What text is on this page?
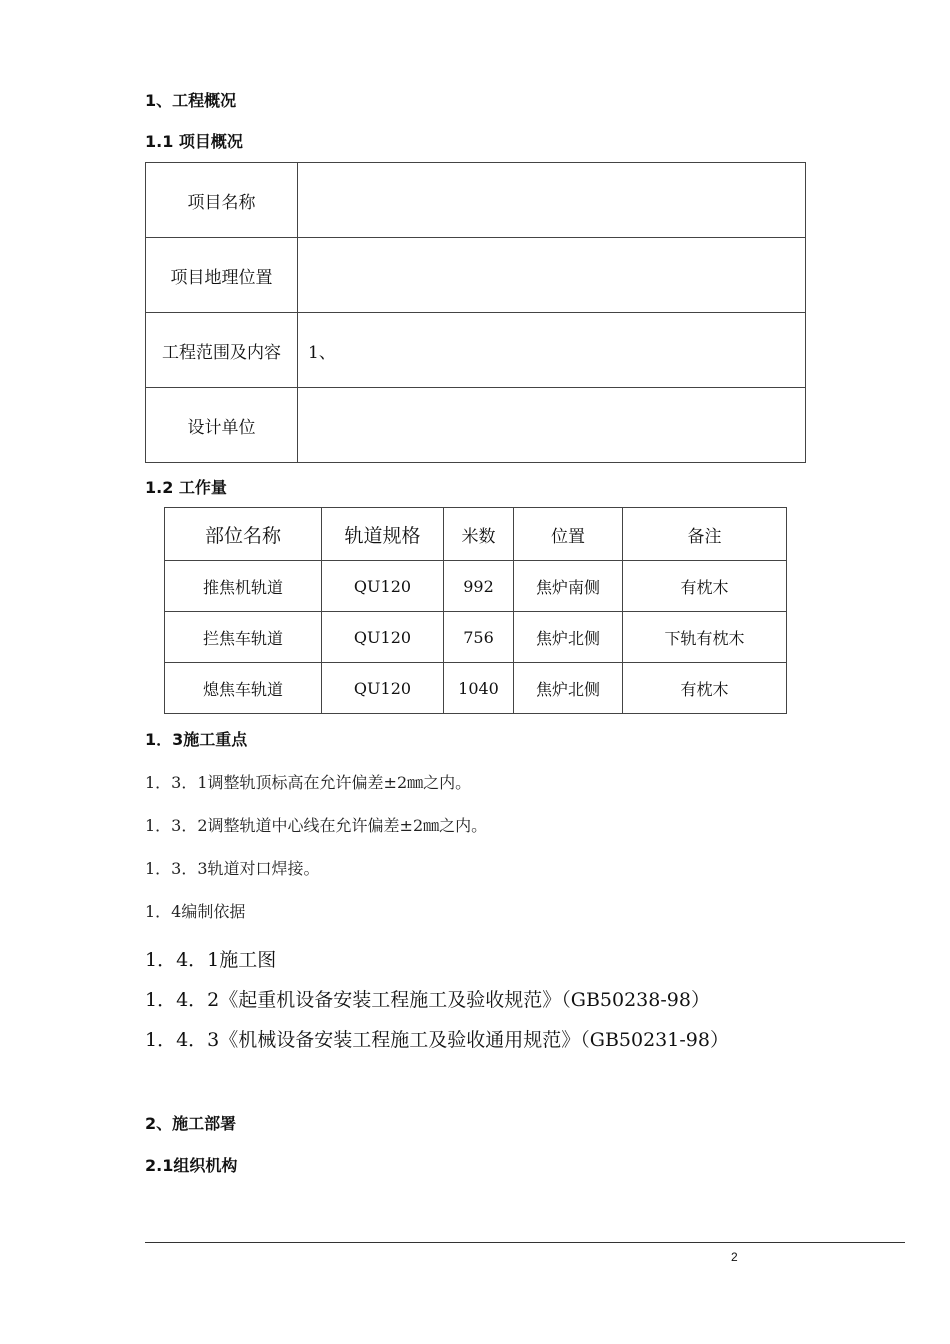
1、工程概况
1.1 项目概况
项目名称	
项目地理位置	
工程范围及内容	1、
设计单位	
1.2 工作量
部位名称	轨道规格	米数	位置	备注
推焦机轨道	QU120	992	焦炉南侧	有枕木
拦焦车轨道	QU120	756	焦炉北侧	下轨有枕木
熄焦车轨道	QU120	1040	焦炉北侧	有枕木
1．3施工重点
1．3．1调整轨顶标高在允许偏差±2㎜之内。
1．3．2调整轨道中心线在允许偏差±2㎜之内。
1．3．3轨道对口焊接。
1．4编制依据
1．4．1施工图
1．4．2《起重机设备安装工程施工及验收规范》（GB50238-98）
1．4．3《机械设备安装工程施工及验收通用规范》（GB50231-98）
2、施工部署
2.1组织机构
2
